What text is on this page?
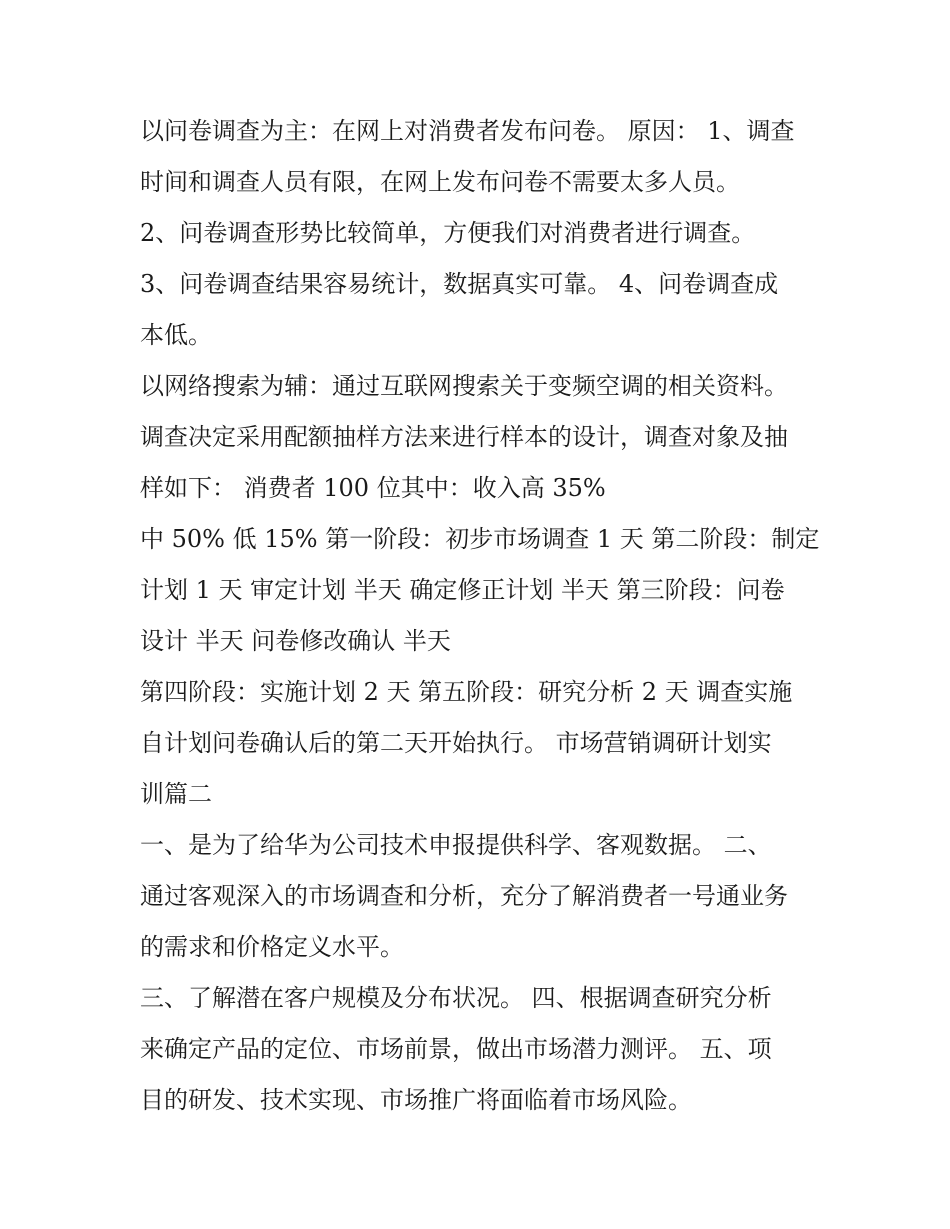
以问卷调查为主：在网上对消费者发布问卷。 原因： 1、调查
时间和调查人员有限，在网上发布问卷不需要太多人员。
2、问卷调查形势比较简单，方便我们对消费者进行调查。
3、问卷调查结果容易统计，数据真实可靠。 4、问卷调查成
本低。
以网络搜索为辅：通过互联网搜索关于变频空调的相关资料。
调查决定采用配额抽样方法来进行样本的设计，调查对象及抽
样如下： 消费者 100 位其中：收入高 35%
中 50% 低 15% 第一阶段：初步市场调查 1 天 第二阶段：制定
计划 1 天 审定计划 半天 确定修正计划 半天 第三阶段：问卷
设计 半天 问卷修改确认 半天
第四阶段：实施计划 2 天 第五阶段：研究分析 2 天 调查实施
自计划问卷确认后的第二天开始执行。 市场营销调研计划实
训篇二
一、是为了给华为公司技术申报提供科学、客观数据。 二、
通过客观深入的市场调查和分析，充分了解消费者一号通业务
的需求和价格定义水平。
三、了解潜在客户规模及分布状况。 四、根据调查研究分析
来确定产品的定位、市场前景，做出市场潜力测评。 五、项
目的研发、技术实现、市场推广将面临着市场风险。
